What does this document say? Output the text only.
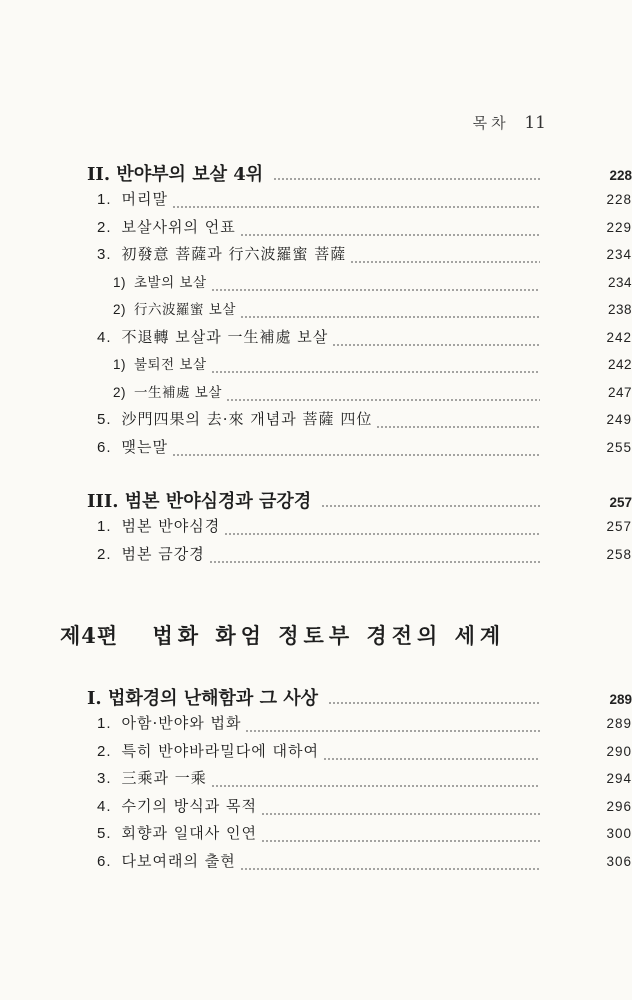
목차 11
II. 반야부의 보살 4위	228
1. 머리말	228
2. 보살사위의 언표	229
3. 初發意 菩薩과 行六波羅蜜 菩薩	234
1) 초발의 보살	234
2) 行六波羅蜜 보살	238
4. 不退轉 보살과 一生補處 보살	242
1) 불퇴전 보살	242
2) 一生補處 보살	247
5. 沙門四果의 去·來 개념과 菩薩 四位	249
6. 맺는말	255
III. 범본 반야심경과 금강경	257
1. 범본 반야심경	257
2. 범본 금강경	258
I. 법화경의 난해함과 그 사상	289
1. 아함·반야와 법화	289
2. 특히 반야바라밀다에 대하여	290
3. 三乘과 一乘	294
4. 수기의 방식과 목적	296
5. 회향과 일대사 인연	300
6. 다보여래의 출현	306
제4편 법화 화엄 정토부 경전의 세계
